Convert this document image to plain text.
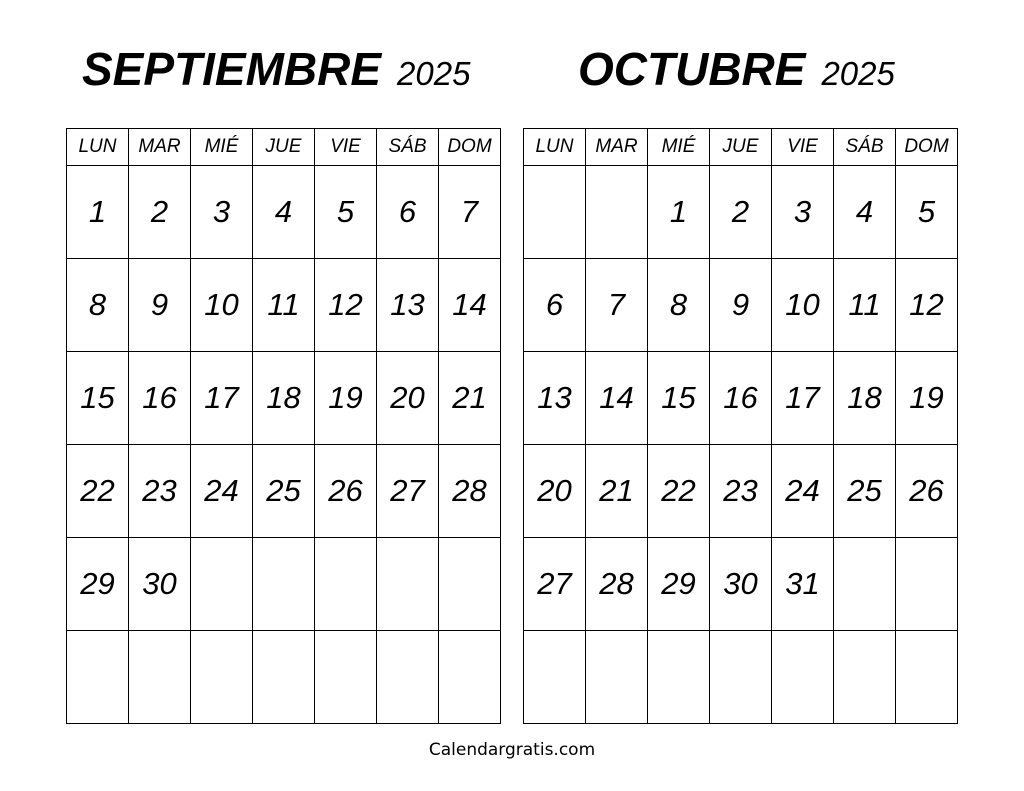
SEPTIEMBRE 2025
LUN	MAR	MIÉ	JUE	VIE	SÁB	DOM
1	2	3	4	5	6	7
8	9	10	11	12	13	14
15	16	17	18	19	20	21
22	23	24	25	26	27	28
29	30					

OCTUBRE 2025
LUN	MAR	MIÉ	JUE	VIE	SÁB	DOM
		1	2	3	4	5
6	7	8	9	10	11	12
13	14	15	16	17	18	19
20	21	22	23	24	25	26
27	28	29	30	31		

Calendargratis.com
